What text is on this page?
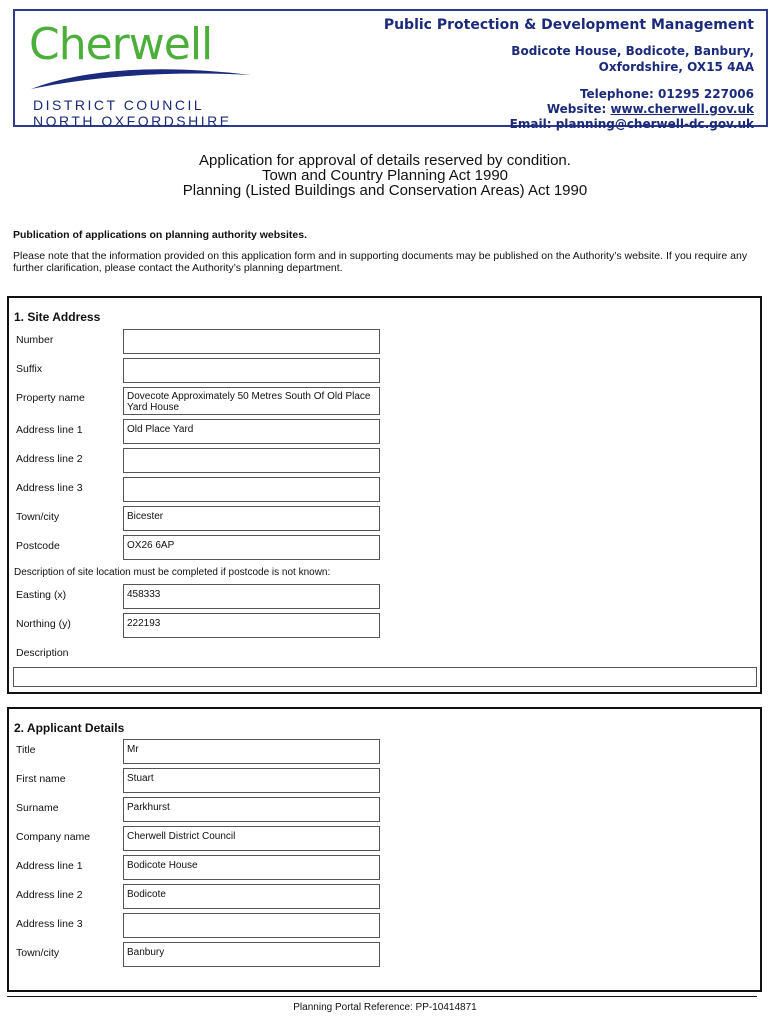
Cherwell
DISTRICT COUNCIL
NORTH OXFORDSHIRE
Public Protection & Development Management
Bodicote House, Bodicote, Banbury,
Oxfordshire, OX15 4AA
Telephone: 01295 227006
Website: www.cherwell.gov.uk
Email: planning@cherwell-dc.gov.uk
Application for approval of details reserved by condition.
Town and Country Planning Act 1990
Planning (Listed Buildings and Conservation Areas) Act 1990
Publication of applications on planning authority websites.
Please note that the information provided on this application form and in supporting documents may be published on the Authority’s website. If you require any further clarification, please contact the Authority’s planning department.
1. Site Address
Number
Suffix
Property name	Dovecote Approximately 50 Metres South Of Old Place Yard House
Address line 1	Old Place Yard
Address line 2
Address line 3
Town/city	Bicester
Postcode	OX26 6AP
Description of site location must be completed if postcode is not known:
Easting (x)	458333
Northing (y)	222193
Description
2. Applicant Details
Title	Mr
First name	Stuart
Surname	Parkhurst
Company name	Cherwell District Council
Address line 1	Bodicote House
Address line 2	Bodicote
Address line 3
Town/city	Banbury
Planning Portal Reference: PP-10414871
